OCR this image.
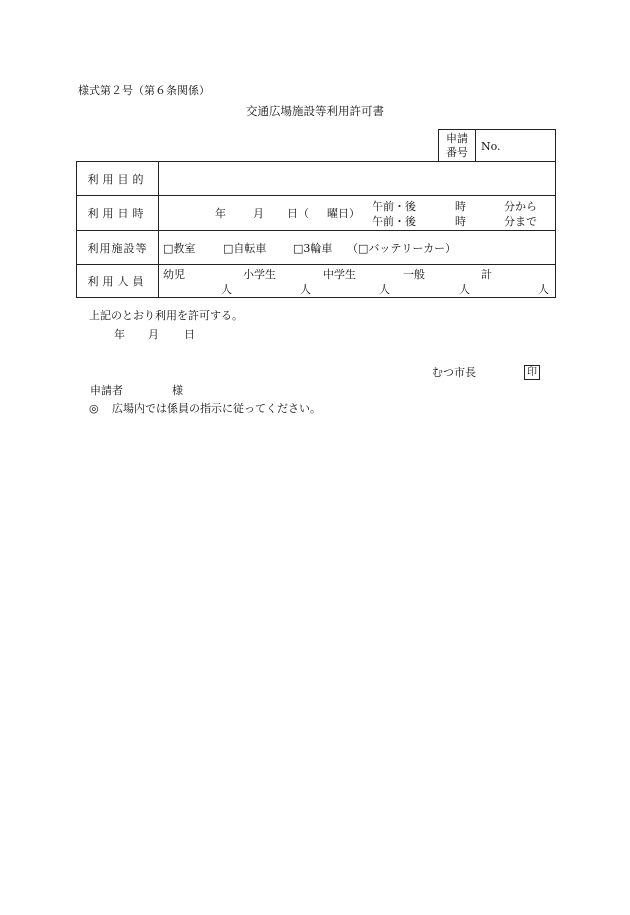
様式第２号（第６条関係）
交通広場施設等利用許可書
申請
番号 No.
利用目的
利用日時	年 月 日（ 曜日）
午前・後	時	分から
午前・後	時	分まで
利用施設等	□教室	□自転車 □3輪車 （□バッテリーカー）
利用人員
幼児	小学生	中学生	一般	計
人	人	人	人	人
上記のとおり利用を許可する。
年 月 日
むつ市長	印
申請者	様
◎ 広場内では係員の指示に従ってください。
